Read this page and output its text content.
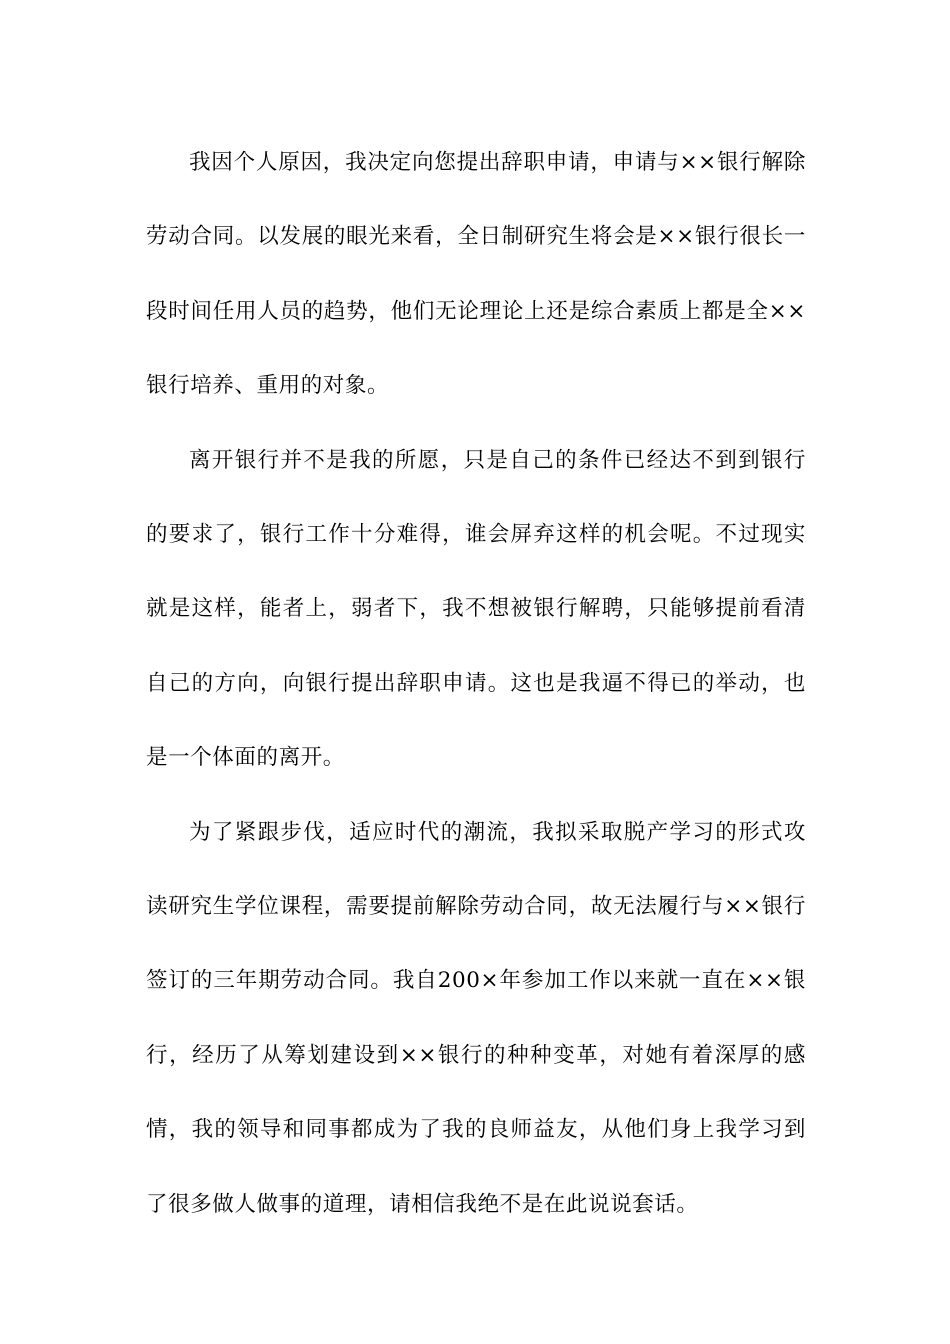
我因个人原因，我决定向您提出辞职申请，申请与××银行解除劳动合同。以发展的眼光来看，全日制研究生将会是××银行很长一段时间任用人员的趋势，他们无论理论上还是综合素质上都是全××银行培养、重用的对象。

离开银行并不是我的所愿，只是自己的条件已经达不到到银行的要求了，银行工作十分难得，谁会屏弃这样的机会呢。不过现实就是这样，能者上，弱者下，我不想被银行解聘，只能够提前看清自己的方向，向银行提出辞职申请。这也是我逼不得已的举动，也是一个体面的离开。

为了紧跟步伐，适应时代的潮流，我拟采取脱产学习的形式攻读研究生学位课程，需要提前解除劳动合同，故无法履行与××银行签订的三年期劳动合同。我自200×年参加工作以来就一直在××银行，经历了从筹划建设到××银行的种种变革，对她有着深厚的感情，我的领导和同事都成为了我的良师益友，从他们身上我学习到了很多做人做事的道理，请相信我绝不是在此说说套话。
